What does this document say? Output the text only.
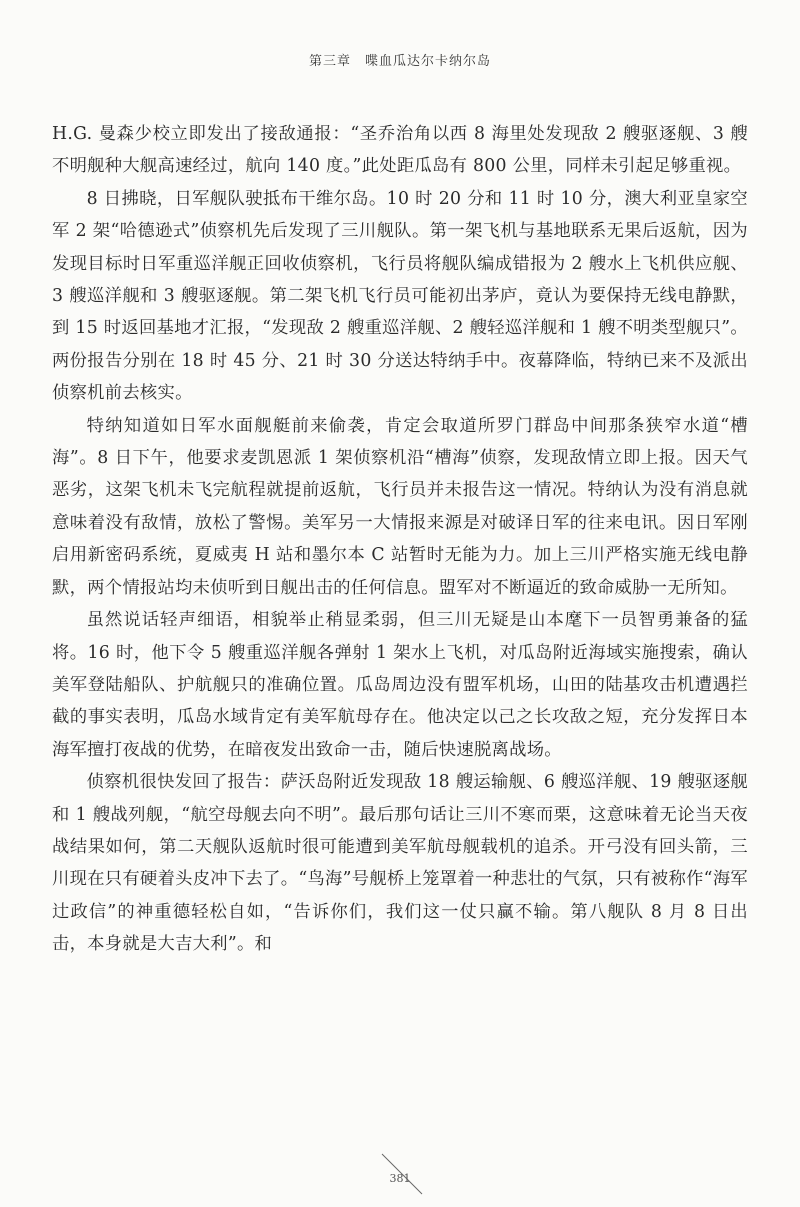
第三章 喋血瓜达尔卡纳尔岛

H.G. 曼森少校立即发出了接敌通报：“圣乔治角以西 8 海里处发现敌 2 艘驱逐舰、3 艘不明舰种大舰高速经过，航向 140 度。”此处距瓜岛有 800 公里，同样未引起足够重视。

8 日拂晓，日军舰队驶抵布干维尔岛。10 时 20 分和 11 时 10 分，澳大利亚皇家空军 2 架“哈德逊式”侦察机先后发现了三川舰队。第一架飞机与基地联系无果后返航，因为发现目标时日军重巡洋舰正回收侦察机，飞行员将舰队编成错报为 2 艘水上飞机供应舰、3 艘巡洋舰和 3 艘驱逐舰。第二架飞机飞行员可能初出茅庐，竟认为要保持无线电静默，到 15 时返回基地才汇报，“发现敌 2 艘重巡洋舰、2 艘轻巡洋舰和 1 艘不明类型舰只”。两份报告分别在 18 时 45 分、21 时 30 分送达特纳手中。夜幕降临，特纳已来不及派出侦察机前去核实。

特纳知道如日军水面舰艇前来偷袭，肯定会取道所罗门群岛中间那条狭窄水道“槽海”。8 日下午，他要求麦凯恩派 1 架侦察机沿“槽海”侦察，发现敌情立即上报。因天气恶劣，这架飞机未飞完航程就提前返航，飞行员并未报告这一情况。特纳认为没有消息就意味着没有敌情，放松了警惕。美军另一大情报来源是对破译日军的往来电讯。因日军刚启用新密码系统，夏威夷 H 站和墨尔本 C 站暂时无能为力。加上三川严格实施无线电静默，两个情报站均未侦听到日舰出击的任何信息。盟军对不断逼近的致命威胁一无所知。

虽然说话轻声细语，相貌举止稍显柔弱，但三川无疑是山本麾下一员智勇兼备的猛将。16 时，他下令 5 艘重巡洋舰各弹射 1 架水上飞机，对瓜岛附近海域实施搜索，确认美军登陆船队、护航舰只的准确位置。瓜岛周边没有盟军机场，山田的陆基攻击机遭遇拦截的事实表明，瓜岛水域肯定有美军航母存在。他决定以己之长攻敌之短，充分发挥日本海军擅打夜战的优势，在暗夜发出致命一击，随后快速脱离战场。

侦察机很快发回了报告：萨沃岛附近发现敌 18 艘运输舰、6 艘巡洋舰、19 艘驱逐舰和 1 艘战列舰，“航空母舰去向不明”。最后那句话让三川不寒而栗，这意味着无论当天夜战结果如何，第二天舰队返航时很可能遭到美军航母舰载机的追杀。开弓没有回头箭，三川现在只有硬着头皮冲下去了。“鸟海”号舰桥上笼罩着一种悲壮的气氛，只有被称作“海军辻政信”的神重德轻松自如，“告诉你们，我们这一仗只赢不输。第八舰队 8 月 8 日出击，本身就是大吉大利”。和

381
